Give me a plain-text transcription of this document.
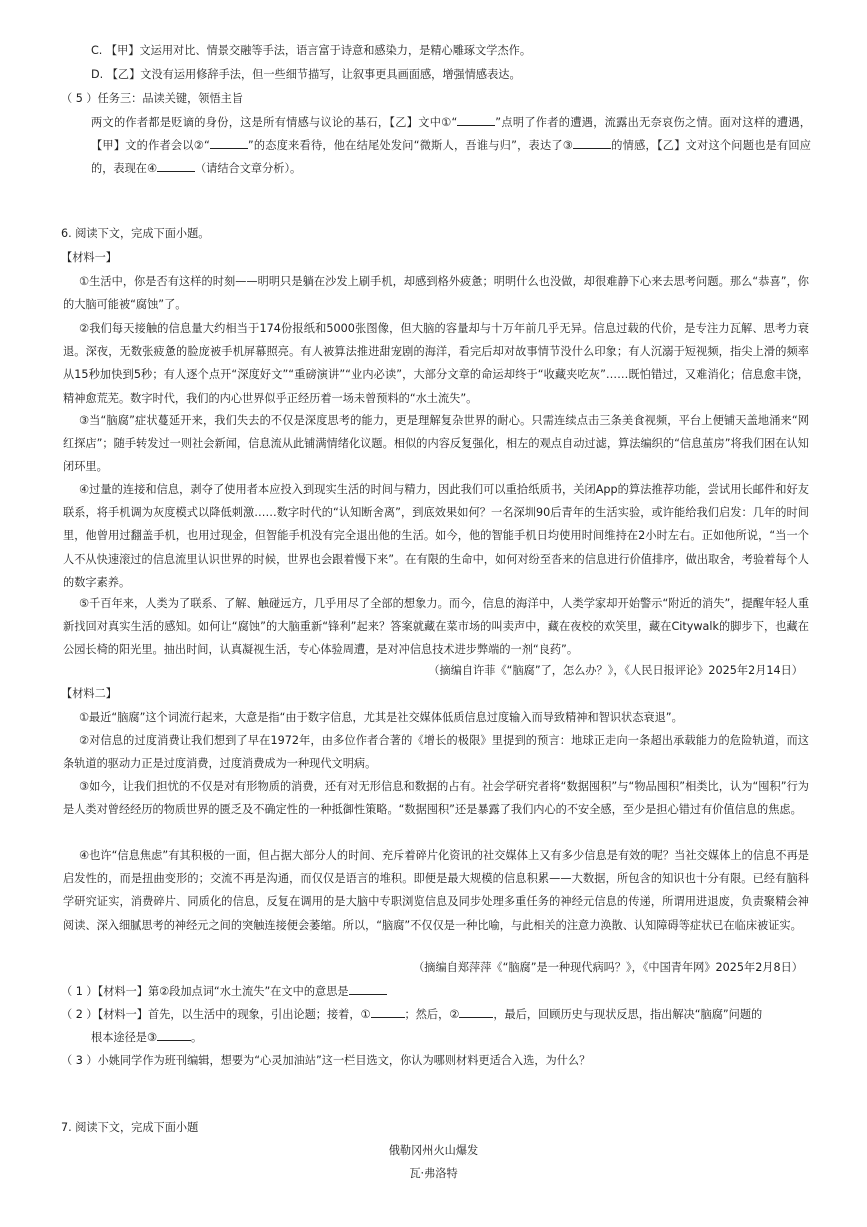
C. 【甲】文运用对比、情景交融等手法，语言富于诗意和感染力，是精心雕琢文学杰作。
D. 【乙】文没有运用修辞手法，但一些细节描写，让叙事更具画面感，增强情感表达。
（ 5 ）任务三：品读关键，领悟主旨
两文的作者都是贬谪的身份，这是所有情感与议论的基石，【乙】文中①“	”点明了作者的遭遇，流露出无奈哀伤之情。面对这样的遭遇，【甲】文的作者会以②“	”的态度来看待，他在结尾处发问“微斯人，吾谁与归”，表达了③	的情感，【乙】文对这个问题也是有回应的，表现在④	（请结合文章分析）。
6. 阅读下文，完成下面小题。
【材料一】
①生活中，你是否有这样的时刻——明明只是躺在沙发上刷手机，却感到格外疲惫；明明什么也没做，却很难静下心来去思考问题。那么“恭喜”，你的大脑可能被“腐蚀”了。
②我们每天接触的信息量大约相当于174份报纸和5000张图像，但大脑的容量却与十万年前几乎无异。信息过载的代价，是专注力瓦解、思考力衰退。深夜，无数张疲惫的脸庞被手机屏幕照亮。有人被算法推进甜宠剧的海洋，看完后却对故事情节没什么印象；有人沉溺于短视频，指尖上滑的频率从15秒加快到5秒；有人逐个点开“深度好文”“重磅演讲”“业内必读”，大部分文章的命运却终于“收藏夹吃灰”……既怕错过，又难消化；信息愈丰饶，精神愈荒芜。数字时代，我们的内心世界似乎正经历着一场未曾预料的“水土流失”。
③当“脑腐”症状蔓延开来，我们失去的不仅是深度思考的能力，更是理解复杂世界的耐心。只需连续点击三条美食视频，平台上便铺天盖地涌来“网红探店”；随手转发过一则社会新闻，信息流从此铺满情绪化议题。相似的内容反复强化，相左的观点自动过滤，算法编织的“信息茧房”将我们困在认知闭环里。
④过量的连接和信息，剥夺了使用者本应投入到现实生活的时间与精力，因此我们可以重拾纸质书，关闭App的算法推荐功能，尝试用长邮件和好友联系，将手机调为灰度模式以降低刺激……数字时代的“认知断舍离”，到底效果如何？一名深圳90后青年的生活实验，或许能给我们启发：几年的时间里，他曾用过翻盖手机，也用过现金，但智能手机没有完全退出他的生活。如今，他的智能手机日均使用时间维持在2小时左右。正如他所说，“当一个人不从快速滚过的信息流里认识世界的时候，世界也会跟着慢下来”。在有限的生命中，如何对纷至沓来的信息进行价值排序，做出取舍，考验着每个人的数字素养。
⑤千百年来，人类为了联系、了解、触碰远方，几乎用尽了全部的想象力。而今，信息的海洋中，人类学家却开始警示“附近的消失”，提醒年轻人重新找回对真实生活的感知。如何让“腐蚀”的大脑重新“锋利”起来？答案就藏在菜市场的叫卖声中，藏在夜校的欢笑里，藏在Citywalk的脚步下，也藏在公园长椅的阳光里。抽出时间，认真凝视生活，专心体验周遭，是对冲信息技术进步弊端的一剂“良药”。
（摘编自许菲《“脑腐”了，怎么办？》，《人民日报评论》2025年2月14日）
【材料二】
①最近“脑腐”这个词流行起来，大意是指“由于数字信息，尤其是社交媒体低质信息过度输入而导致精神和智识状态衰退”。
②对信息的过度消费让我们想到了早在1972年，由多位作者合著的《增长的极限》里提到的预言：地球正走向一条超出承载能力的危险轨道，而这条轨道的驱动力正是过度消费，过度消费成为一种现代文明病。
③如今，让我们担忧的不仅是对有形物质的消费，还有对无形信息和数据的占有。社会学研究者将“数据囤积”与“物品囤积”相类比，认为“囤积”行为是人类对曾经经历的物质世界的匮乏及不确定性的一种抵御性策略。“数据囤积”还是暴露了我们内心的不安全感，至少是担心错过有价值信息的焦虑。
④也许“信息焦虑”有其积极的一面，但占据大部分人的时间、充斥着碎片化资讯的社交媒体上又有多少信息是有效的呢？当社交媒体上的信息不再是启发性的，而是扭曲变形的；交流不再是沟通，而仅仅是语言的堆积。即便是最大规模的信息积累——大数据，所包含的知识也十分有限。已经有脑科学研究证实，消费碎片、同质化的信息，反复在调用的是大脑中专职浏览信息及同步处理多重任务的神经元信息的传递，所谓用进退废，负责聚精会神阅读、深入细腻思考的神经元之间的突触连接便会萎缩。所以，“脑腐”不仅仅是一种比喻，与此相关的注意力涣散、认知障碍等症状已在临床被证实。
（摘编自郑萍萍《“脑腐”是一种现代病吗？》，《中国青年网》2025年2月8日）
（ 1 ）【材料一】第②段加点词“水土流失”在文中的意思是
（ 2 ）【材料一】首先，以生活中的现象，引出论题；接着，①	；然后，②	，最后，回顾历史与现状反思，指出解决“脑腐”问题的
根本途径是③	。
（ 3 ）小姚同学作为班刊编辑，想要为“心灵加油站”这一栏目选文，你认为哪则材料更适合入选，为什么？
7. 阅读下文，完成下面小题
俄勒冈州火山爆发
瓦·弗洛特
